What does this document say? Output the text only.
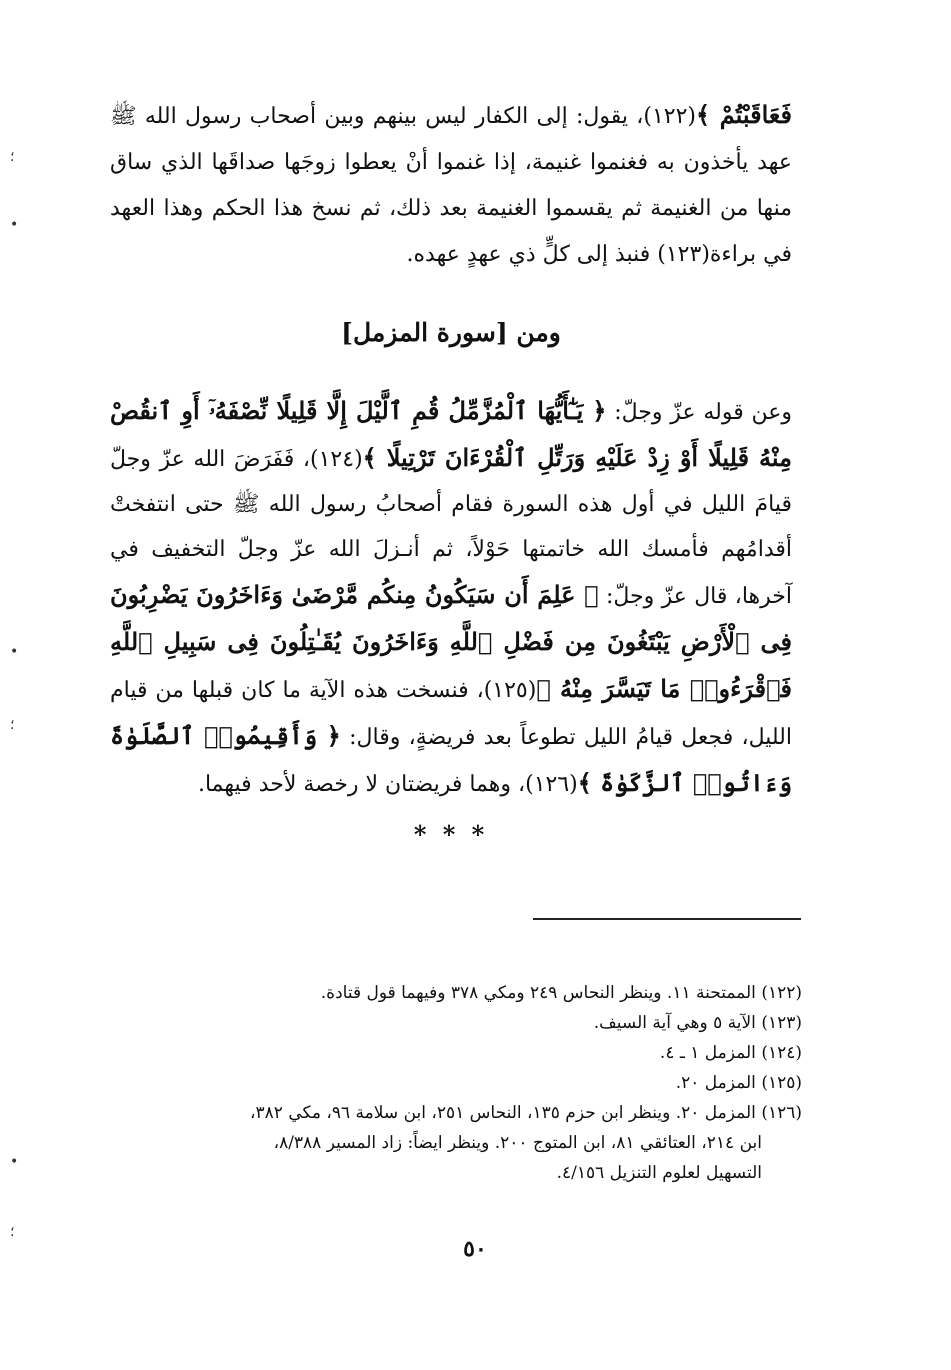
؛
•
•
؛
•
؛

فَعَاقَبْتُمْ ﴾(١٢٢)، يقول: إلى الكفار ليس بينهم وبين أصحاب رسول الله ﷺ عهد يأخذون به فغنموا غنيمة، إذا غنموا أنْ يعطوا زوجَها صداقَها الذي ساق منها من الغنيمة ثم يقسموا الغنيمة بعد ذلك، ثم نسخ هذا الحكم وهذا العهد في براءة(١٢٣) فنبذ إلى كلٍّ ذي عهدٍ عهده.

ومن [سورة المزمل]

وعن قوله عزّ وجلّ: ﴿ يَـٰٓأَيُّهَا ٱلْمُزَّمِّلُ قُمِ ٱلَّيْلَ إِلَّا قَلِيلًا نِّصْفَهُۥٓ أَوِ ٱنقُصْ مِنْهُ قَلِيلًا أَوْ زِدْ عَلَيْهِ وَرَتِّلِ ٱلْقُرْءَانَ تَرْتِيلًا ﴾(١٢٤)، فَفَرَضَ الله عزّ وجلّ قيامَ الليل في أول هذه السورة فقام أصحابُ رسول الله ﷺ حتى انتفختْ أقدامُهم فأمسك الله خاتمتها حَوْلاً، ثم أنـزلَ الله عزّ وجلّ التخفيف في آخرها، قال عزّ وجلّ: ﴿ عَلِمَ أَن سَيَكُونُ مِنكُم مَّرْضَىٰ وَءَاخَرُونَ يَضْرِبُونَ فِى ٱلْأَرْضِ يَبْتَغُونَ مِن فَضْلِ ٱللَّهِ وَءَاخَرُونَ يُقَـٰتِلُونَ فِى سَبِيلِ ٱللَّهِ فَٱقْرَءُوا۟ مَا تَيَسَّرَ مِنْهُ ﴾(١٢٥)، فنسخت هذه الآية ما كان قبلها من قيام الليل، فجعل قيامُ الليل تطوعاً بعد فريضةٍ، وقال: ﴿ وَأَقِيمُوا۟ ٱلصَّلَوٰةَ وَءَاتُوا۟ ٱلزَّكَوٰةَ ﴾(١٢٦)، وهما فريضتان لا رخصة لأحد فيهما.

* * *

(١٢٢) الممتحنة ١١. وينظر النحاس ٢٤٩ ومكي ٣٧٨ وفيهما قول قتادة.

(١٢٣) الآية ٥ وهي آية السيف.

(١٢٤) المزمل ١ ـ ٤.

(١٢٥) المزمل ٢٠.

(١٢٦) المزمل ٢٠. وينظر ابن حزم ١٣٥، النحاس ٢٥١، ابن سلامة ٩٦، مكي ٣٨٢،
ابن ٢١٤، العتائقي ٨١، ابن المتوج ٢٠٠. وينظر ايضاً: زاد المسير ٨/٣٨٨،
التسهيل لعلوم التنزيل ٤/١٥٦.

٥٠
